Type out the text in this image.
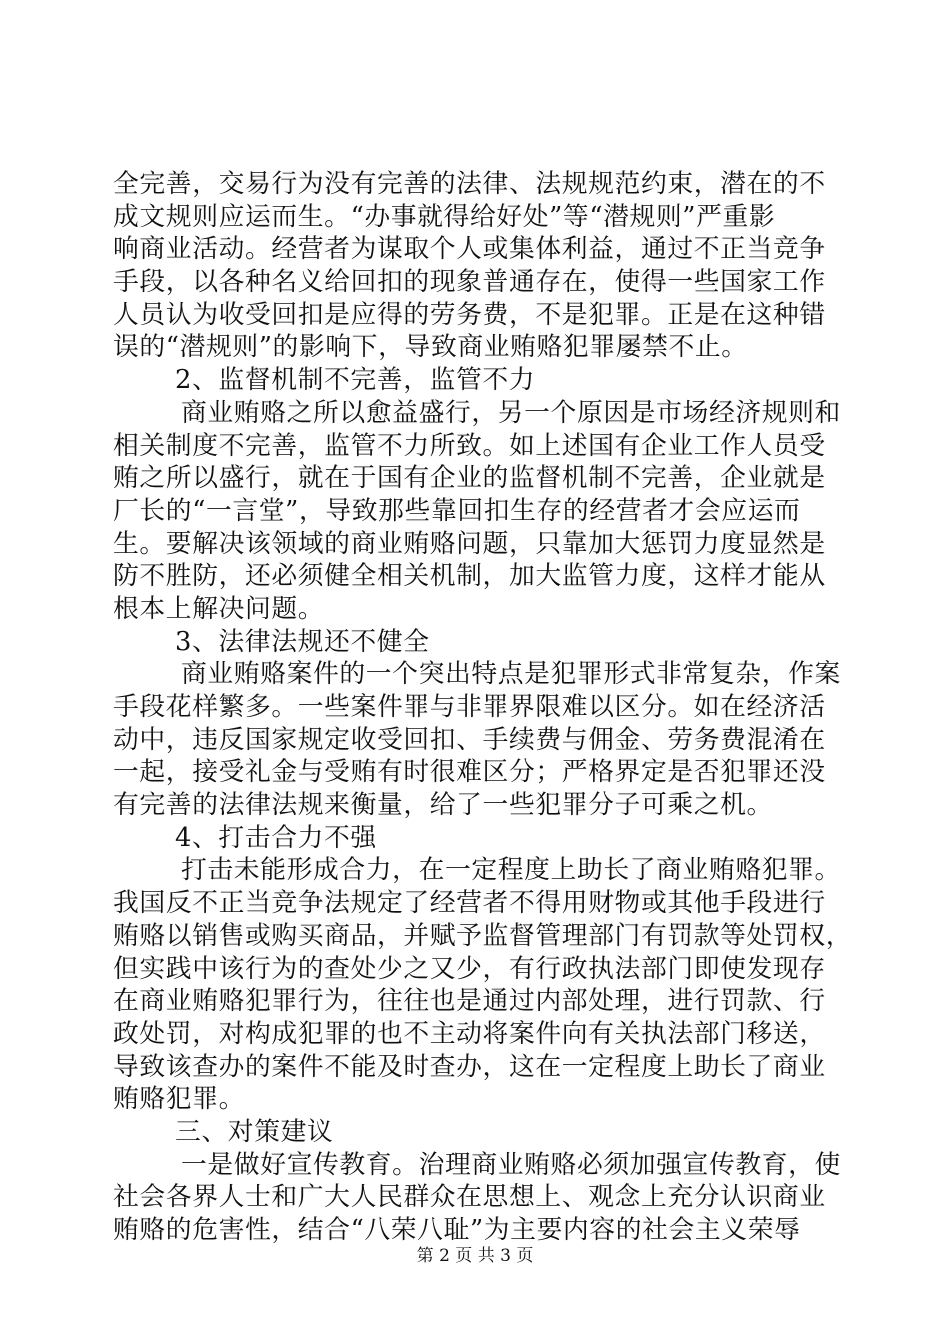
全完善，交易行为没有完善的法律、法规规范约束，潜在的不
成文规则应运而生。“办事就得给好处”等“潜规则”严重影
响商业活动。经营者为谋取个人或集体利益，通过不正当竞争
手段，以各种名义给回扣的现象普通存在，使得一些国家工作
人员认为收受回扣是应得的劳务费，不是犯罪。正是在这种错
误的“潜规则”的影响下，导致商业贿赂犯罪屡禁不止。
2、监督机制不完善，监管不力
商业贿赂之所以愈益盛行，另一个原因是市场经济规则和
相关制度不完善，监管不力所致。如上述国有企业工作人员受
贿之所以盛行，就在于国有企业的监督机制不完善，企业就是
厂长的“一言堂”，导致那些靠回扣生存的经营者才会应运而
生。要解决该领域的商业贿赂问题，只靠加大惩罚力度显然是
防不胜防，还必须健全相关机制，加大监管力度，这样才能从
根本上解决问题。
3、法律法规还不健全
商业贿赂案件的一个突出特点是犯罪形式非常复杂，作案
手段花样繁多。一些案件罪与非罪界限难以区分。如在经济活
动中，违反国家规定收受回扣、手续费与佣金、劳务费混淆在
一起，接受礼金与受贿有时很难区分；严格界定是否犯罪还没
有完善的法律法规来衡量，给了一些犯罪分子可乘之机。
4、打击合力不强
打击未能形成合力，在一定程度上助长了商业贿赂犯罪。
我国反不正当竞争法规定了经营者不得用财物或其他手段进行
贿赂以销售或购买商品，并赋予监督管理部门有罚款等处罚权，
但实践中该行为的查处少之又少，有行政执法部门即使发现存
在商业贿赂犯罪行为，往往也是通过内部处理，进行罚款、行
政处罚，对构成犯罪的也不主动将案件向有关执法部门移送，
导致该查办的案件不能及时查办，这在一定程度上助长了商业
贿赂犯罪。
三、对策建议
一是做好宣传教育。治理商业贿赂必须加强宣传教育，使
社会各界人士和广大人民群众在思想上、观念上充分认识商业
贿赂的危害性，结合“八荣八耻”为主要内容的社会主义荣辱
第 2 页 共 3 页
